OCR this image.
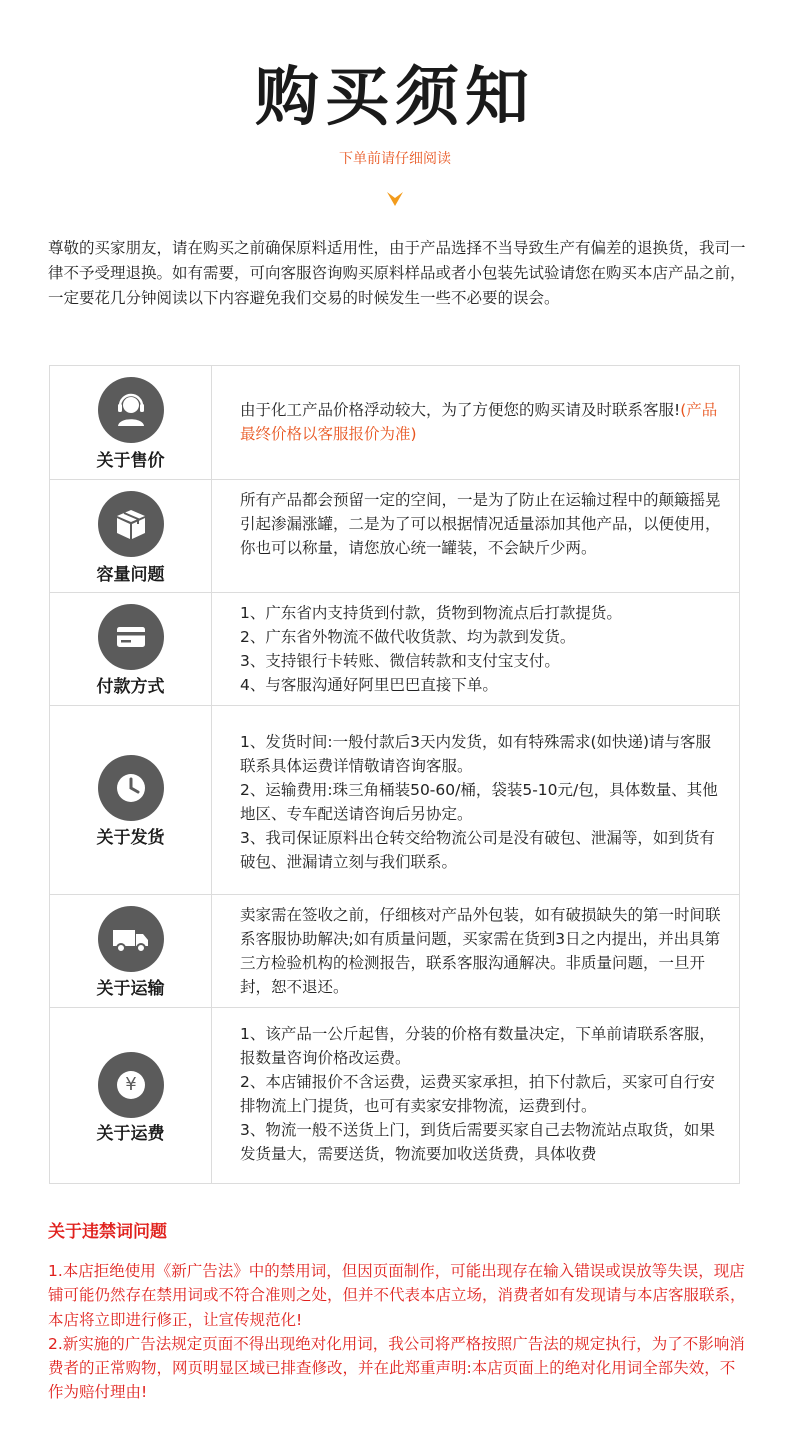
购买须知
下单前请仔细阅读
尊敬的买家朋友，请在购买之前确保原料适用性，由于产品选择不当导致生产有偏差的退换货，我司一律不予受理退换。如有需要，可向客服咨询购买原料样品或者小包装先试验请您在购买本店产品之前，一定要花几分钟阅读以下内容避免我们交易的时候发生一些不必要的误会。
关于售价

由于化工产品价格浮动较大，为了方便您的购买请及时联系客服!(产品最终价格以客服报价为准)

容量问题
所有产品都会预留一定的空间，一是为了防止在运输过程中的颠簸摇晃引起渗漏涨罐，二是为了可以根据情况适量添加其他产品，以便使用，你也可以称量，请您放心统一罐装，不会缺斤少两。
付款方式

1、广东省内支持货到付款，货物到物流点后打款提货。

2、广东省外物流不做代收货款、均为款到发货。

3、支持银行卡转账、微信转款和支付宝支付。

4、与客服沟通好阿里巴巴直接下单。

关于发货

1、发货时间:一般付款后3天内发货，如有特殊需求(如快递)请与客服联系具体运费详情敬请咨询客服。

2、运输费用:珠三角桶装50-60/桶，袋装5-10元/包，具体数量、其他地区、专车配送请咨询后另协定。

3、我司保证原料出仓转交给物流公司是没有破包、泄漏等，如到货有破包、泄漏请立刻与我们联系。

关于运输
卖家需在签收之前，仔细核对产品外包装，如有破损缺失的第一时间联系客服协助解决;如有质量问题，买家需在货到3日之内提出，并出具第三方检验机构的检测报告，联系客服沟通解决。非质量问题，一旦开封，恕不退还。
¥
关于运费

1、该产品一公斤起售，分装的价格有数量决定，下单前请联系客服，报数量咨询价格改运费。

2、本店铺报价不含运费，运费买家承担，拍下付款后，买家可自行安排物流上门提货，也可有卖家安排物流，运费到付。

3、物流一般不送货上门，到货后需要买家自己去物流站点取货，如果发货量大，需要送货，物流要加收送货费，具体收费

关于违禁词问题

1.本店拒绝使用《新广告法》中的禁用词，但因页面制作，可能出现存在输入错误或误放等失误，现店铺可能仍然存在禁用词或不符合准则之处，但并不代表本店立场，消费者如有发现请与本店客服联系，本店将立即进行修正，让宣传规范化!

2.新实施的广告法规定页面不得出现绝对化用词，我公司将严格按照广告法的规定执行，为了不影响消费者的正常购物，网页明显区域已排查修改，并在此郑重声明:本店页面上的绝对化用词全部失效，不作为赔付理由!
